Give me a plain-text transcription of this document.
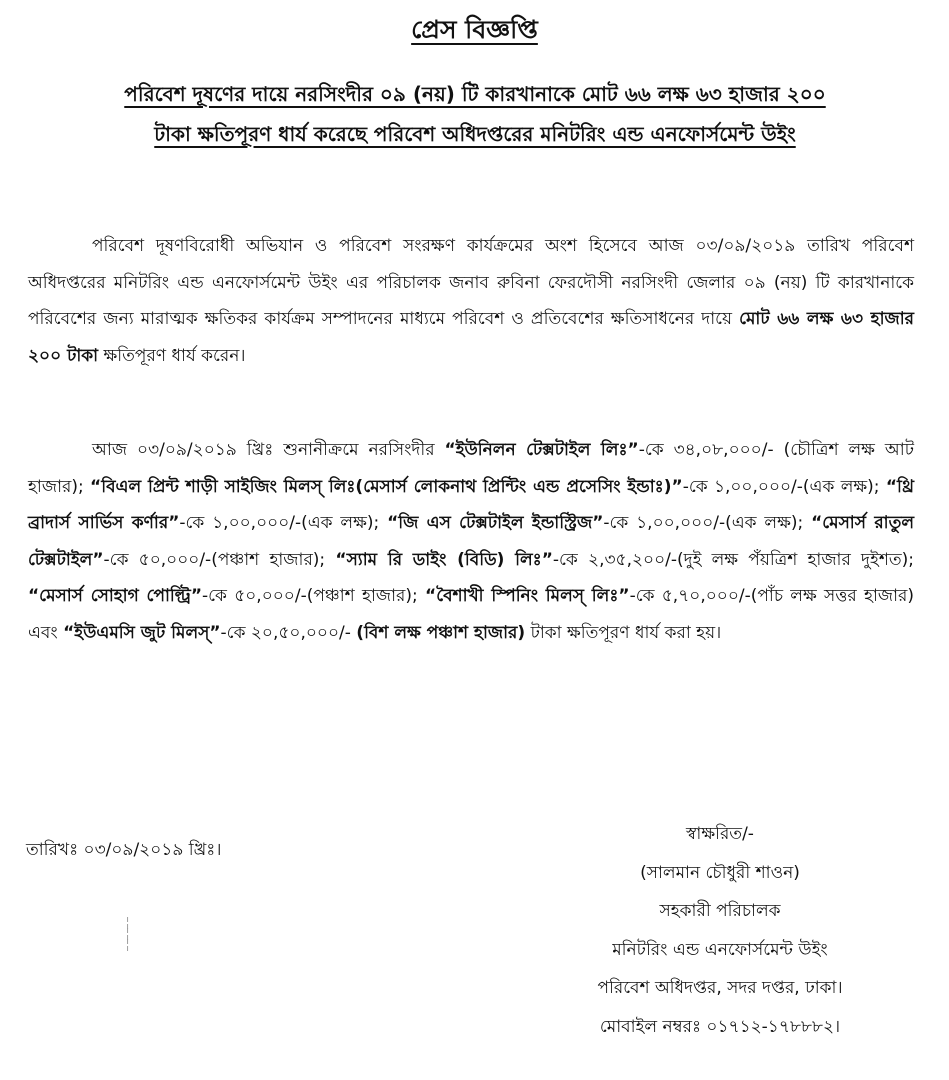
প্রেস বিজ্ঞপ্তি
পরিবেশ দূষণের দায়ে নরসিংদীর ০৯ (নয়) টি কারখানাকে মোট ৬৬ লক্ষ ৬৩ হাজার ২০০
টাকা ক্ষতিপূরণ ধার্য করেছে পরিবেশ অধিদপ্তরের মনিটরিং এন্ড এনফোর্সমেন্ট উইং

পরিবেশ দূষণবিরোধী অভিযান ও পরিবেশ সংরক্ষণ কার্যক্রমের অংশ হিসেবে আজ ০৩/০৯/২০১৯ তারিখ পরিবেশ অধিদপ্তরের মনিটরিং এন্ড এনফোর্সমেন্ট উইং এর পরিচালক জনাব রুবিনা ফেরদৌসী নরসিংদী জেলার ০৯ (নয়) টি কারখানাকে পরিবেশের জন্য মারাত্মক ক্ষতিকর কার্যক্রম সম্পাদনের মাধ্যমে পরিবেশ ও প্রতিবেশের ক্ষতিসাধনের দায়ে মোট ৬৬ লক্ষ ৬৩ হাজার ২০০ টাকা ক্ষতিপূরণ ধার্য করেন।

আজ ০৩/০৯/২০১৯ খ্রিঃ শুনানীক্রমে নরসিংদীর “ইউনিলন টেক্সটাইল লিঃ”-কে ৩৪,০৮,০০০/- (চৌত্রিশ লক্ষ আট হাজার); “বিএল প্রিন্ট শাড়ী সাইজিং মিলস্ লিঃ(মেসার্স লোকনাথ প্রিন্টিং এন্ড প্রসেসিং ইন্ডাঃ)”-কে ১,০০,০০০/-(এক লক্ষ); “থ্রি ব্রাদার্স সার্ভিস কর্ণার”-কে ১,০০,০০০/-(এক লক্ষ); “জি এস টেক্সটাইল ইন্ডাস্ট্রিজ”-কে ১,০০,০০০/-(এক লক্ষ); “মেসার্স রাতুল টেক্সটাইল”-কে ৫০,০০০/-(পঞ্চাশ হাজার); “স্যাম রি ডাইং (বিডি) লিঃ”-কে ২,৩৫,২০০/-(দুই লক্ষ পঁয়ত্রিশ হাজার দুইশত); “মেসার্স সোহাগ পোল্ট্রি”-কে ৫০,০০০/-(পঞ্চাশ হাজার); “বৈশাখী স্পিনিং মিলস্ লিঃ”-কে ৫,৭০,০০০/-(পাঁচ লক্ষ সত্তর হাজার) এবং “ইউএমসি জুট মিলস্”-কে ২০,৫০,০০০/- (বিশ লক্ষ পঞ্চাশ হাজার) টাকা ক্ষতিপূরণ ধার্য করা হয়।

তারিখঃ ০৩/০৯/২০১৯ খ্রিঃ।
স্বাক্ষরিত/-
(সালমান চৌধুরী শাওন)
সহকারী পরিচালক
মনিটরিং এন্ড এনফোর্সমেন্ট উইং
পরিবেশ অধিদপ্তর, সদর দপ্তর, ঢাকা।
মোবাইল নম্বরঃ ০১৭১২-১৭৮৮৮২।
╎
╎
╎
